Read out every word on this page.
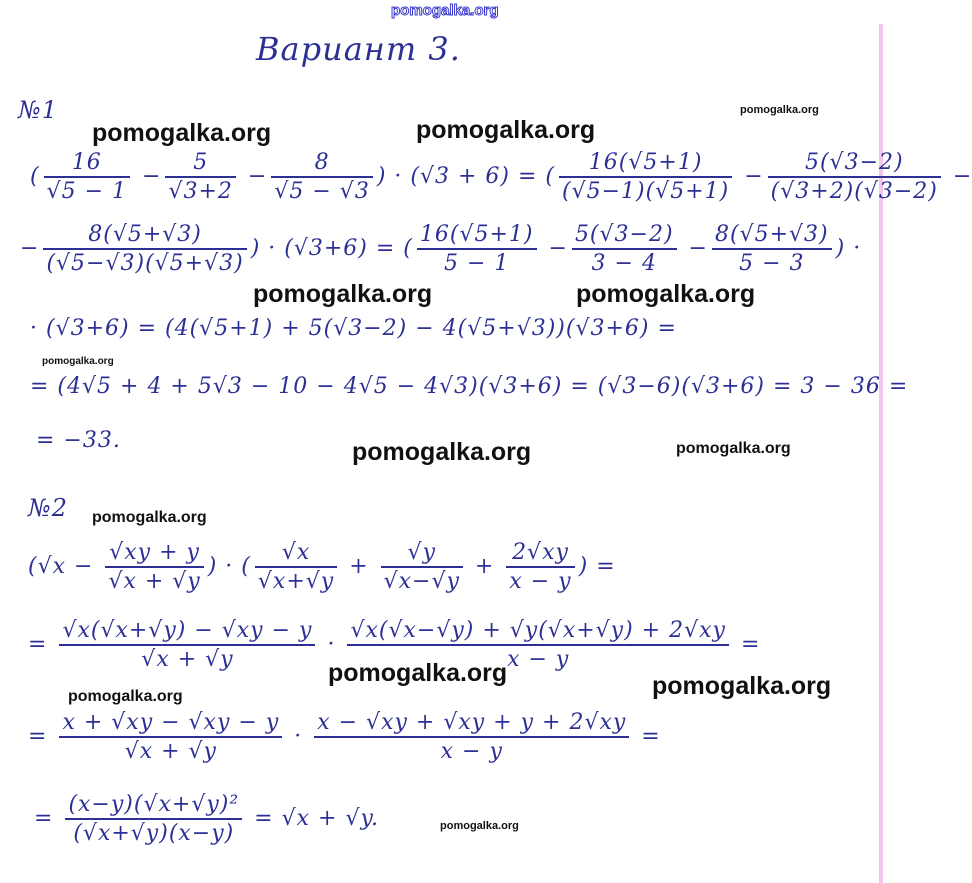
pomogalka.org
Вариант 3.
№1
( $\frac{16}{√5 - 1} - \frac{5}{√3+2} - \frac{8}{√5 - √3}$ ) · (√3 + 6) = ( $\frac{16(√5+1)}{(√5-1)(√5+1)} - \frac{5(√3-2)}{(√3+2)(√3-2)}$ −
− $\frac{8(√5+√3)}{(√5-√3)(√5+√3)}$ ) · (√3+6) = ( $\frac{16(√5+1)}{5 - 1} - \frac{5(√3-2)}{3 - 4} - \frac{8(√5+√3)}{5 - 3}$ ) ·
· (√3+6) = (4(√5+1) + 5(√3−2) − 4(√5+√3))(√3+6) =
= (4√5 + 4 + 5√3 − 10 − 4√5 − 4√3)(√3+6) = (√3−6)(√3+6) = 3 − 36 =
= −33.
№2
($√x - \frac{√xy + y}{√x + √y}$ ) · ( $\frac{√x}{√x+√y} + \frac{√y}{√x-√y} + \frac{2√xy}{x - y}$ ) =
= $\frac{√x(√x+√y) - √xy - y}{√x + √y} \cdot \frac{√x(√x-√y) + √y(√x+√y) + 2√xy}{x - y}$ =
= $\frac{x + √xy - √xy - y}{√x + √y} \cdot \frac{x - √xy + √xy + y + 2√xy}{x - y}$ =
= $\frac{\text{(x−y)(√x+√y)²}}{(√x+√y)(x-y)} = √x + √y$.
pomogalka.org	pomogalka.org
pomogalka.org
pomogalka.org	pomogalka.org
pomogalka.org
pomogalka.org	pomogalka.org
pomogalka.org
pomogalka.org	pomogalka.org
pomogalka.org
pomogalka.org
